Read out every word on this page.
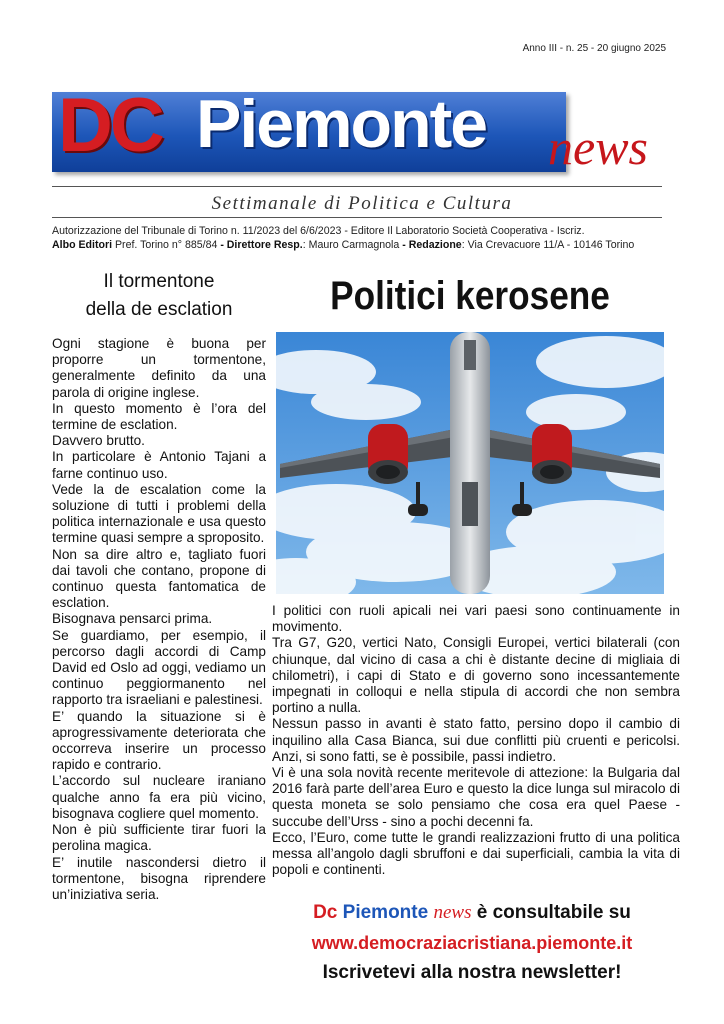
Anno III - n. 25 - 20 giugno 2025
DC Piemonte news
Settimanale di Politica e Cultura
Autorizzazione del Tribunale di Torino n. 11/2023 del 6/6/2023 - Editore Il Laboratorio Società Cooperativa - Iscriz.
Albo Editori Pref. Torino n° 885/84 - Direttore Resp.: Mauro Carmagnola - Redazione: Via Crevacuore 11/A - 10146 Torino
Il tormentone
della de esclation

Ogni stagione è buona per proporre un tormentone, generalmente definito da una parola di origine inglese.

In questo momento è l’ora del termine de esclation.

Davvero brutto.

In particolare è Antonio Tajani a farne continuo uso.

Vede la de escalation come la soluzione di tutti i problemi della politica internazionale e usa questo termine quasi sempre a sproposito.

Non sa dire altro e, tagliato fuori dai tavoli che contano, propone di continuo questa fantomatica de esclation.

Bisognava pensarci prima.

Se guardiamo, per esempio, il percorso dagli accordi di Camp David ed Oslo ad oggi, vediamo un continuo peggiormanento nel rapporto tra israeliani e palestinesi.

E’ quando la situazione si è aprogressivamente deteriorata che occorreva inserire un processo rapido e contrario.

L’accordo sul nucleare iraniano qualche anno fa era più vicino, bisognava cogliere quel momento.

Non è più sufficiente tirar fuori la perolina magica.

E’ inutile nascondersi dietro il tormentone, bisogna riprendere un’iniziativa seria.

Politici kerosene

I politici con ruoli apicali nei vari paesi sono continuamente in movimento.

Tra G7, G20, vertici Nato, Consigli Europei, vertici bilaterali (con chiunque, dal vicino di casa a chi è distante decine di migliaia di chilometri), i capi di Stato e di governo sono incessantemente impegnati in colloqui e nella stipula di accordi che non sembra portino a nulla.

Nessun passo in avanti è stato fatto, persino dopo il cambio di inquilino alla Casa Bianca, sui due conflitti più cruenti e pericolsi. Anzi, si sono fatti, se è possibile, passi indietro.

Vi è una sola novità recente meritevole di attezione: la Bulgaria dal 2016 farà parte dell’area Euro e questo la dice lunga sul miracolo di questa moneta se solo pensiamo che cosa era quel Paese - succube dell’Urss - sino a pochi decenni fa.

Ecco, l’Euro, come tutte le grandi realizzazioni frutto di una politica messa all’angolo dagli sbruffoni e dai superficiali, cambia la vita di popoli e continenti.

Dc Piemonte news è consultabile su
www.democraziacristiana.piemonte.it
Iscrivetevi alla nostra newsletter!
